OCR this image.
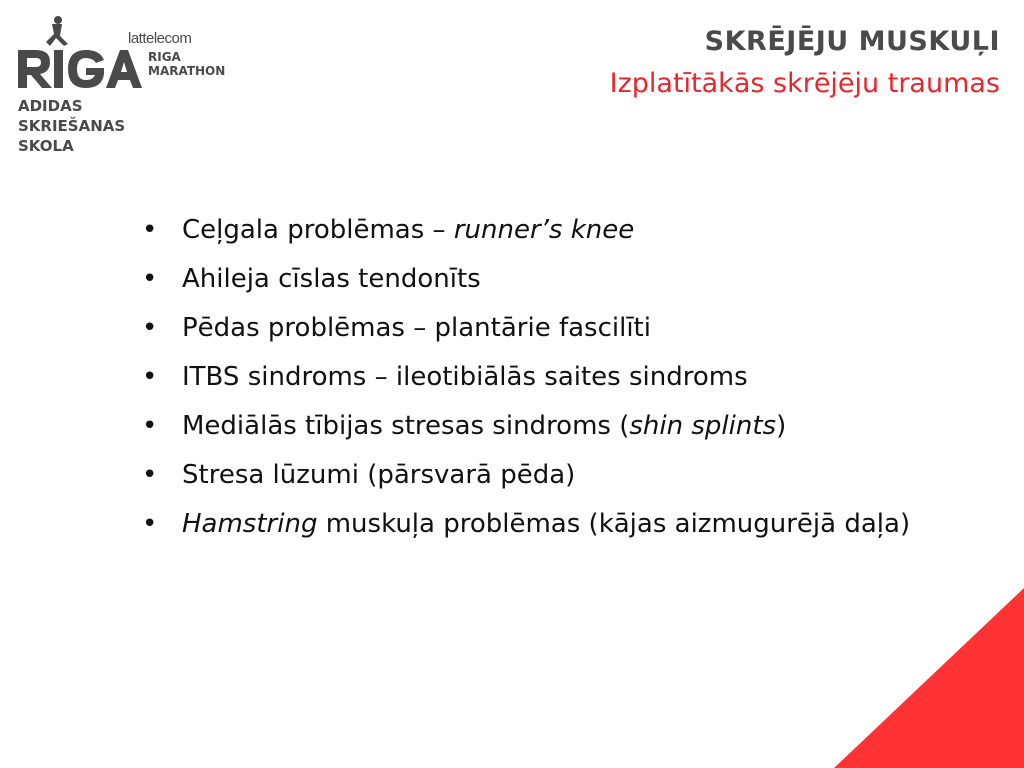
lattelecom
RIGA
MARATHON
ADIDAS
SKRIEŠANAS
SKOLA
SKRĒJĒJU MUSKUĻI
Izplatītākās skrējēju traumas
• Ceļgala problēmas – runner’s knee
• Ahileja cīslas tendonīts
• Pēdas problēmas – plantārie fascilīti
• ITBS sindroms – ileotibiālās saites sindroms
• Mediālās tībijas stresas sindroms (shin splints)
• Stresa lūzumi (pārsvarā pēda)
• Hamstring muskuļa problēmas (kājas aizmugurējā daļa)
